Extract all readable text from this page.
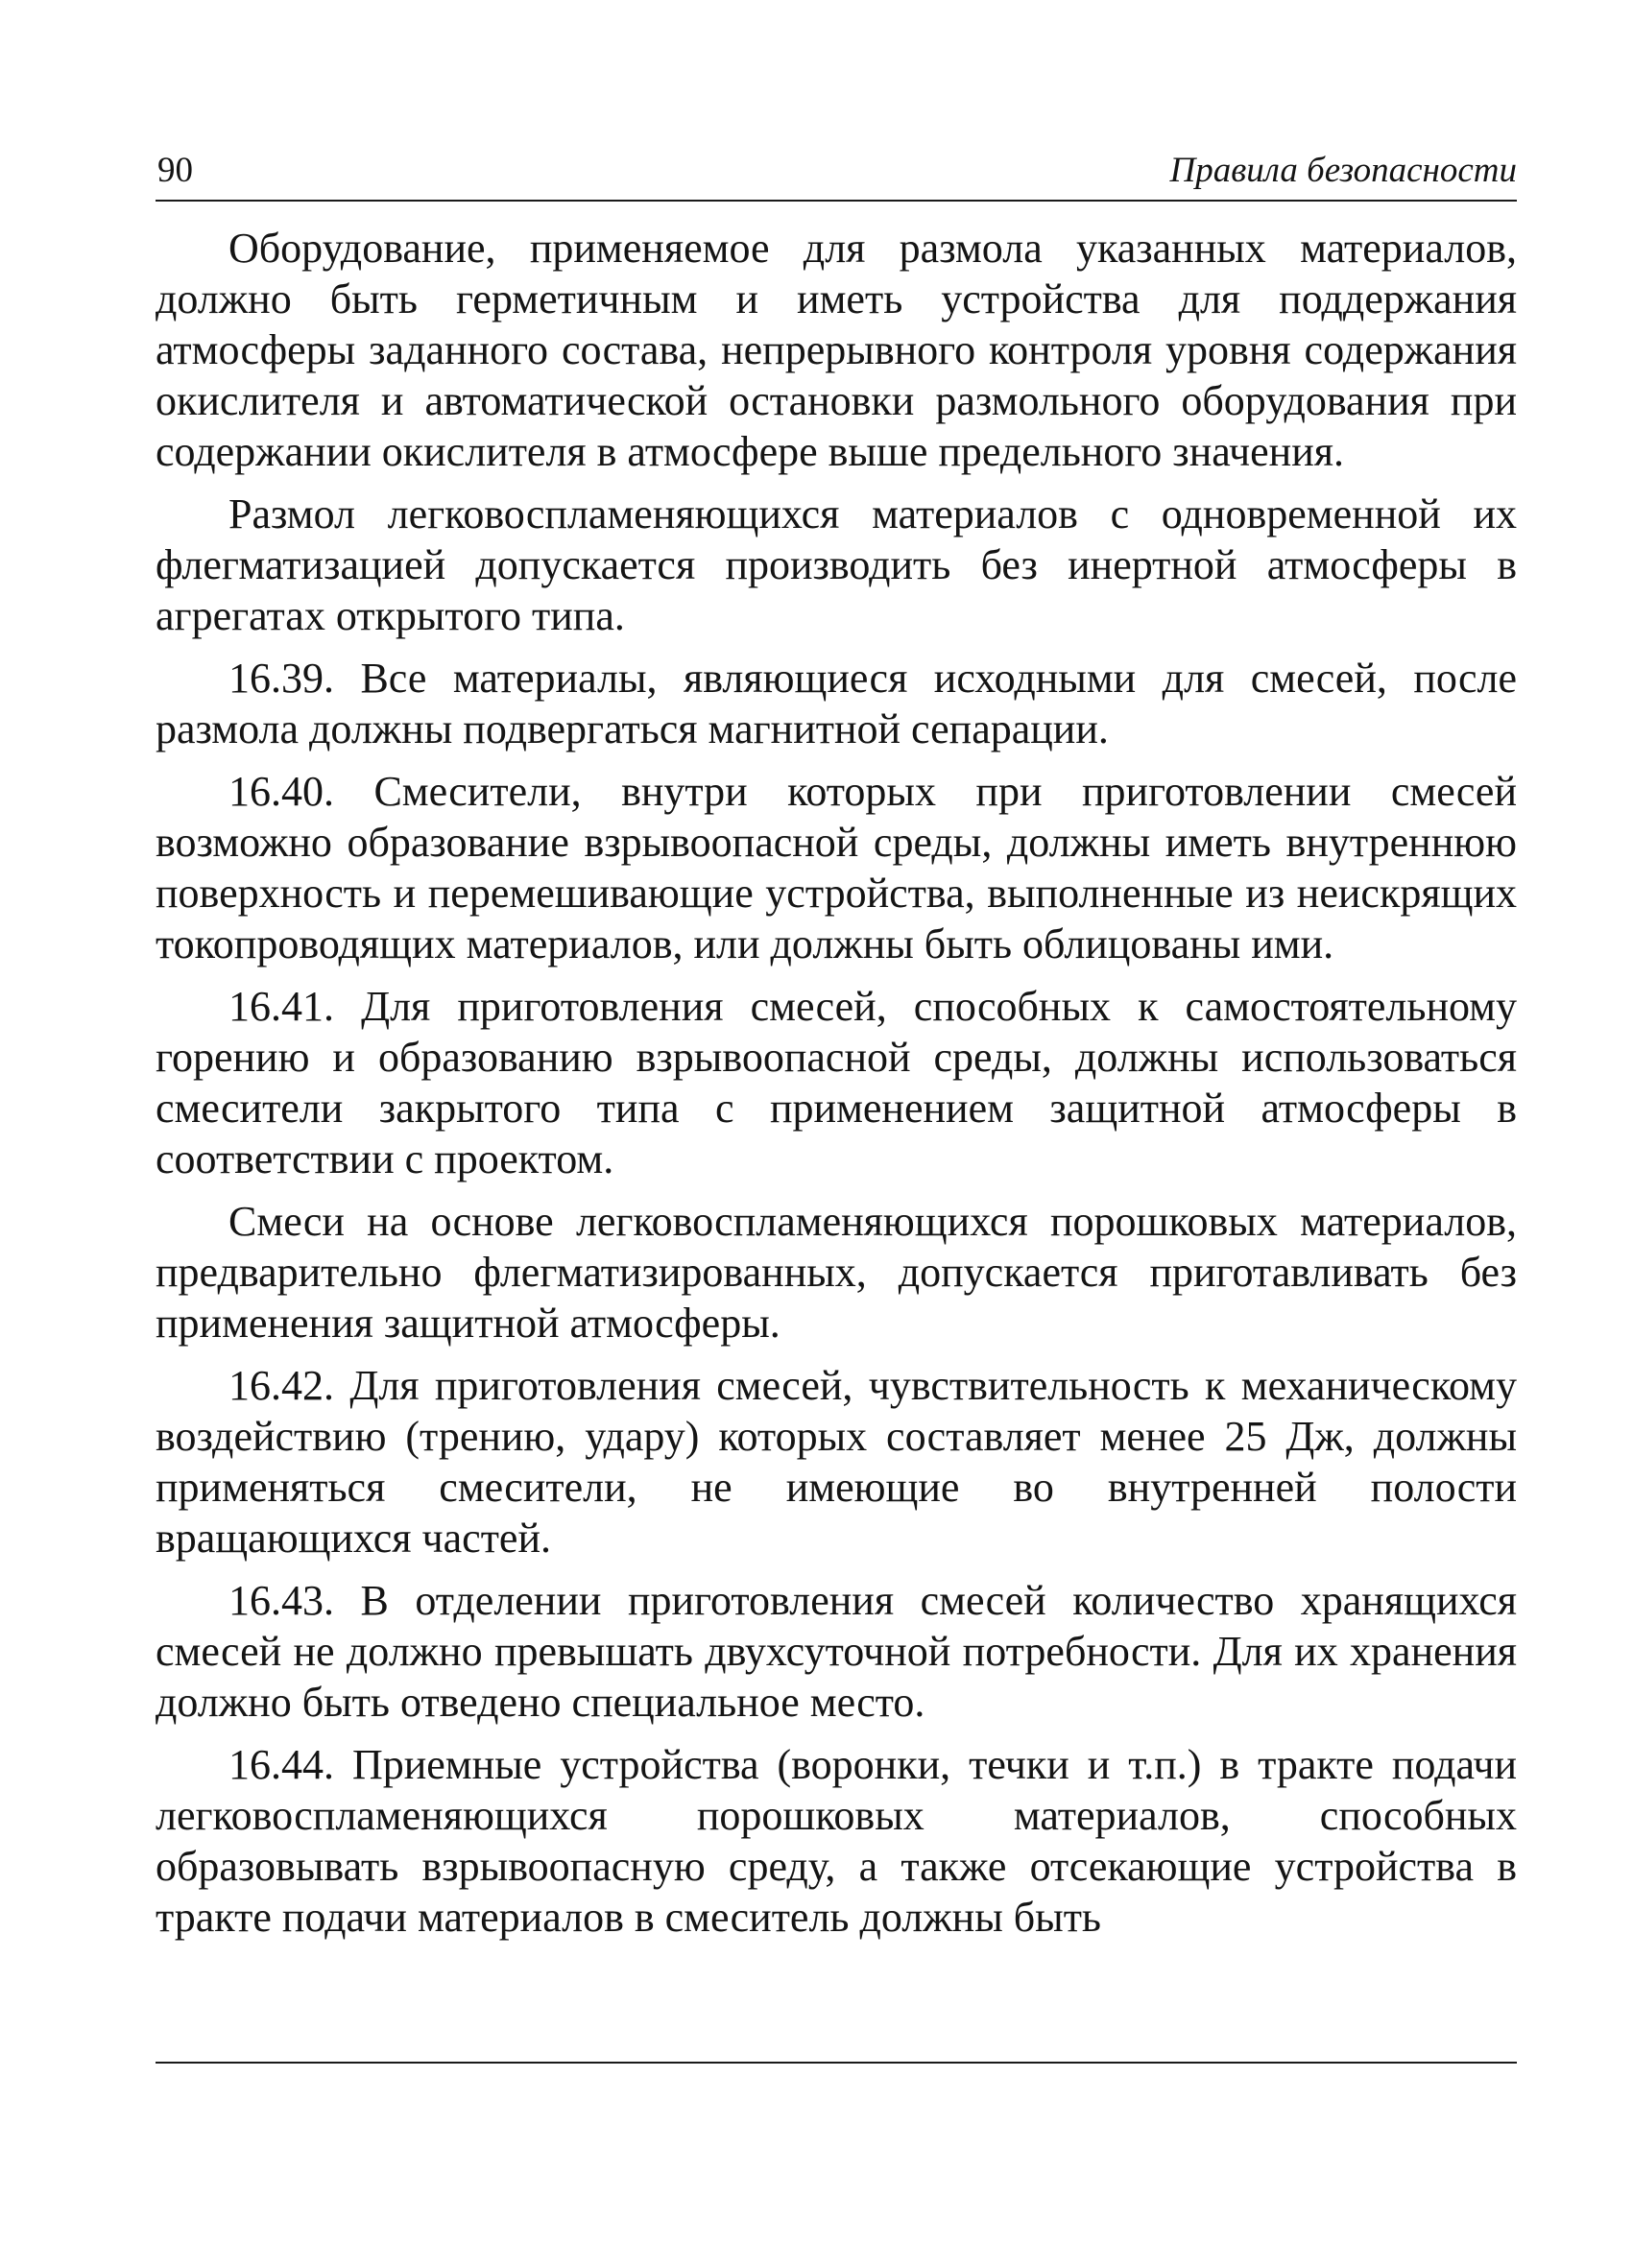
90	Правила безопасности

Оборудование, применяемое для размола указанных материалов, должно быть герметичным и иметь устройства для поддержания атмосферы заданного состава, непрерывного контроля уровня содержания окислителя и автоматической остановки размольного оборудования при содержании окислителя в атмосфере выше предельного значения.

Размол легковоспламеняющихся материалов с одновременной их флегматизацией допускается производить без инертной атмосферы в агрегатах открытого типа.

16.39. Все материалы, являющиеся исходными для смесей, после размола должны подвергаться магнитной сепарации.

16.40. Смесители, внутри которых при приготовлении смесей возможно образование взрывоопасной среды, должны иметь внутреннюю поверхность и перемешивающие устройства, выполненные из неискрящих токопроводящих материалов, или должны быть облицованы ими.

16.41. Для приготовления смесей, способных к самостоятельному горению и образованию взрывоопасной среды, должны использоваться смесители закрытого типа с применением защитной атмосферы в соответствии с проектом.

Смеси на основе легковоспламеняющихся порошковых материалов, предварительно флегматизированных, допускается приготавливать без применения защитной атмосферы.

16.42. Для приготовления смесей, чувствительность к механическому воздействию (трению, удару) которых составляет менее 25 Дж, должны применяться смесители, не имеющие во внутренней полости вращающихся частей.

16.43. В отделении приготовления смесей количество хранящихся смесей не должно превышать двухсуточной потребности. Для их хранения должно быть отведено специальное место.

16.44. Приемные устройства (воронки, течки и т.п.) в тракте подачи легковоспламеняющихся порошковых материалов, способных образовывать взрывоопасную среду, а также отсекающие устройства в тракте подачи материалов в смеситель должны быть
